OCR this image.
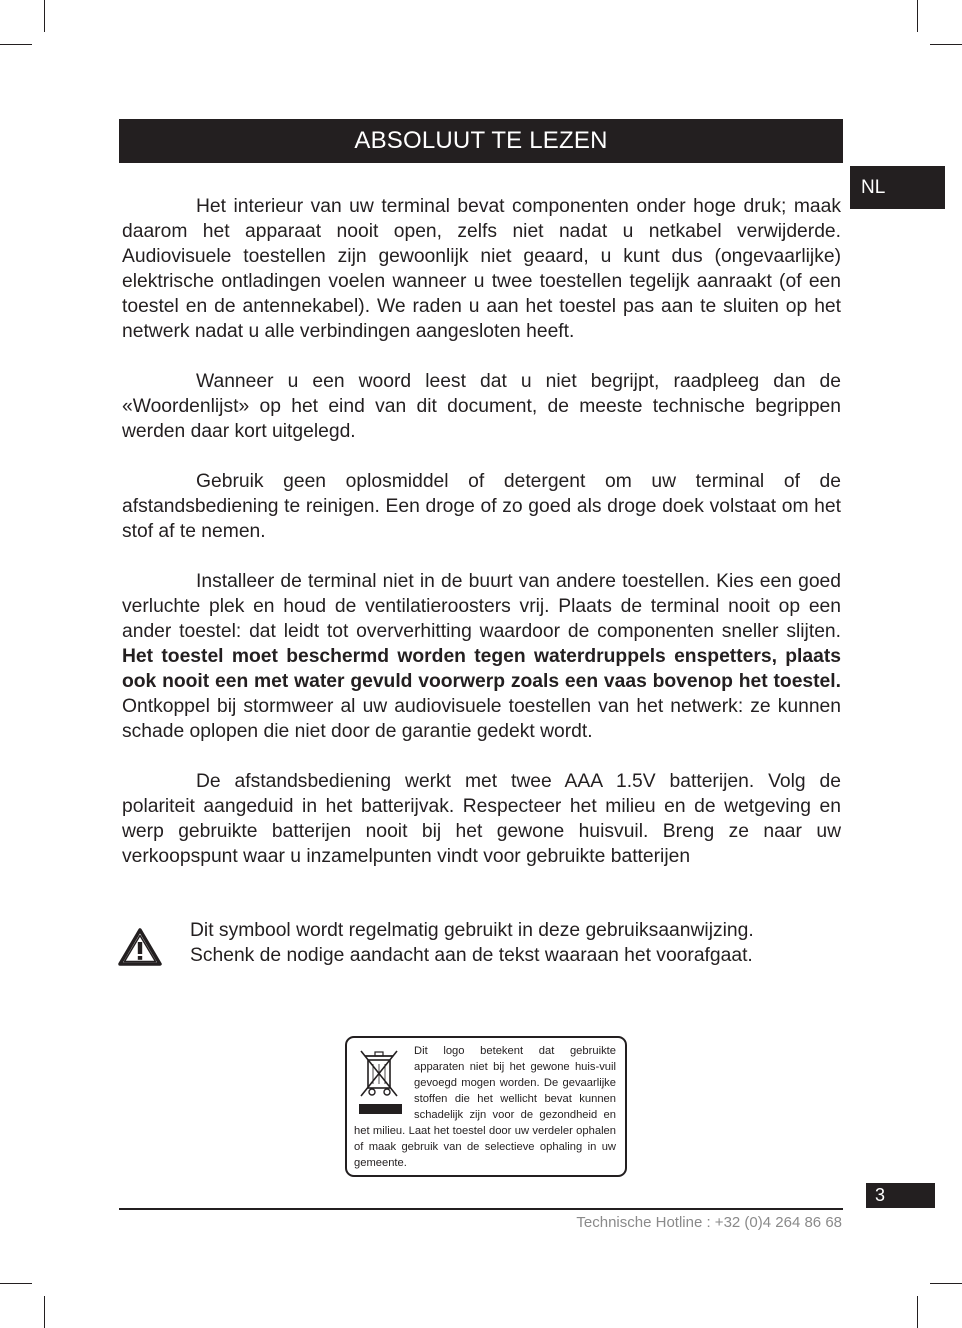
ABSOLUUT TE LEZEN
NL

Het interieur van uw terminal bevat componenten onder hoge druk; maak daarom het apparaat nooit open, zelfs niet nadat u netkabel verwijderde. Audiovisuele toestellen zijn gewoonlijk niet geaard, u kunt dus (ongevaarlijke) elektrische ontladingen voelen wanneer u twee toestellen tegelijk aanraakt (of een toestel en de antennekabel). We raden u aan het toestel pas aan te sluiten op het netwerk nadat u alle verbindingen aangesloten heeft.

Wanneer u een woord leest dat u niet begrijpt, raadpleeg dan de «Woordenlijst» op het eind van dit document, de meeste technische begrippen werden daar kort uitgelegd.

Gebruik geen oplosmiddel of detergent om uw terminal of de afstandsbediening te reinigen. Een droge of zo goed als droge doek volstaat om het stof af te nemen.

Installeer de terminal niet in de buurt van andere toestellen. Kies een goed verluchte plek en houd de ventilatieroosters vrij. Plaats de terminal nooit op een ander toestel: dat leidt tot oververhitting waardoor de componenten sneller slijten. Het toestel moet beschermd worden tegen waterdruppels enspetters, plaats ook nooit een met water gevuld voorwerp zoals een vaas bovenop het toestel. Ontkoppel bij stormweer al uw audiovisuele toestellen van het netwerk: ze kunnen schade oplopen die niet door de garantie gedekt wordt.

De afstandsbediening werkt met twee AAA 1.5V batterijen. Volg de polariteit aangeduid in het batterijvak. Respecteer het milieu en de wetgeving en werp gebruikte batterijen nooit bij het gewone huisvuil. Breng ze naar uw verkoopspunt waar u inzamelpunten vindt voor gebruikte batterijen

Dit symbool wordt regelmatig gebruikt in deze gebruiksaanwijzing.
Schenk de nodige aandacht aan de tekst waaraan het voorafgaat.
Dit logo betekent dat gebruikte apparaten niet bij het gewone huis-vuil gevoegd mogen worden. De gevaarlijke stoffen die het wellicht bevat kunnen schadelijk zijn voor de gezondheid en het milieu. Laat het toestel door uw verdeler ophalen of maak gebruik van de selectieve ophaling in uw gemeente.
3
Technische Hotline : +32 (0)4 264 86 68
